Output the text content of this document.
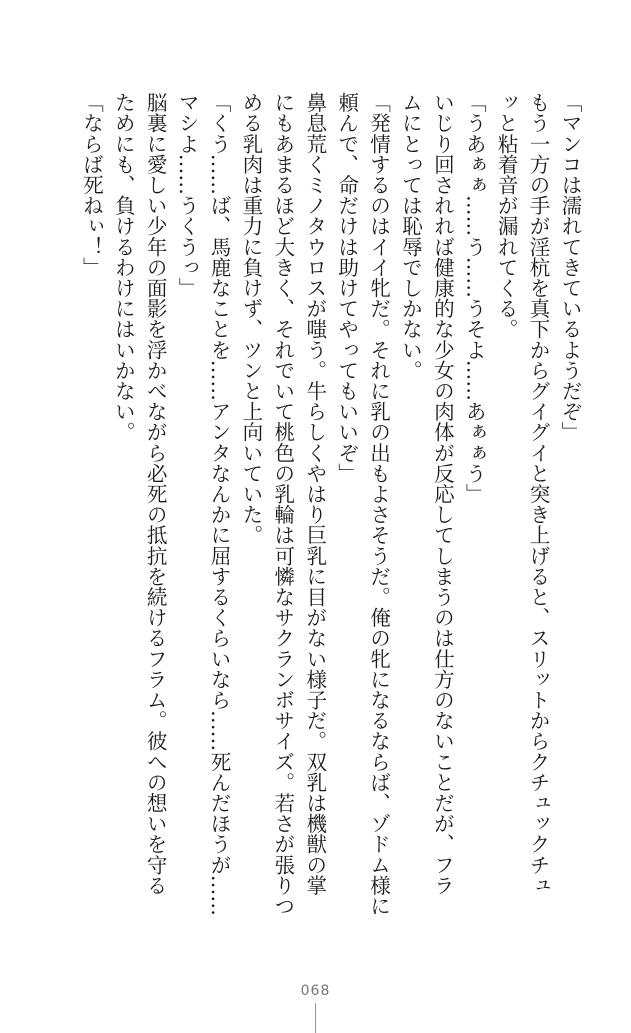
「マンコは濡れてきているようだぞ」
もう一方の手が淫杭を真下からグイグイと突き上げると、スリットからクチュックチュ
ッと粘着音が漏れてくる。
「うあぁぁ……う……うそよ……あぁぁう」
いじり回されれば健康的な少女の肉体が反応してしまうのは仕方のないことだが、フラ
ムにとっては恥辱でしかない。
「発情するのはイイ牝だ。それに乳の出もよさそうだ。俺の牝になるならば、ゾドム様に
頼んで、命だけは助けてやってもいいぞ」
鼻息荒くミノタウロスが嗤う。牛らしくやはり巨乳に目がない様子だ。双乳は機獣の掌
にもあまるほど大きく、それでいて桃色の乳輪は可憐なサクランボサイズ。若さが張りつ
める乳肉は重力に負けず、ツンと上向いていた。
「くう……ば、馬鹿なことを……アンタなんかに屈するくらいなら……死んだほうが……
マシよ……うくうっ」
脳裏に愛しい少年の面影を浮かべながら必死の抵抗を続けるフラム。彼への想いを守る
ためにも、負けるわけにはいかない。
「ならば死ねぃ！」
068
